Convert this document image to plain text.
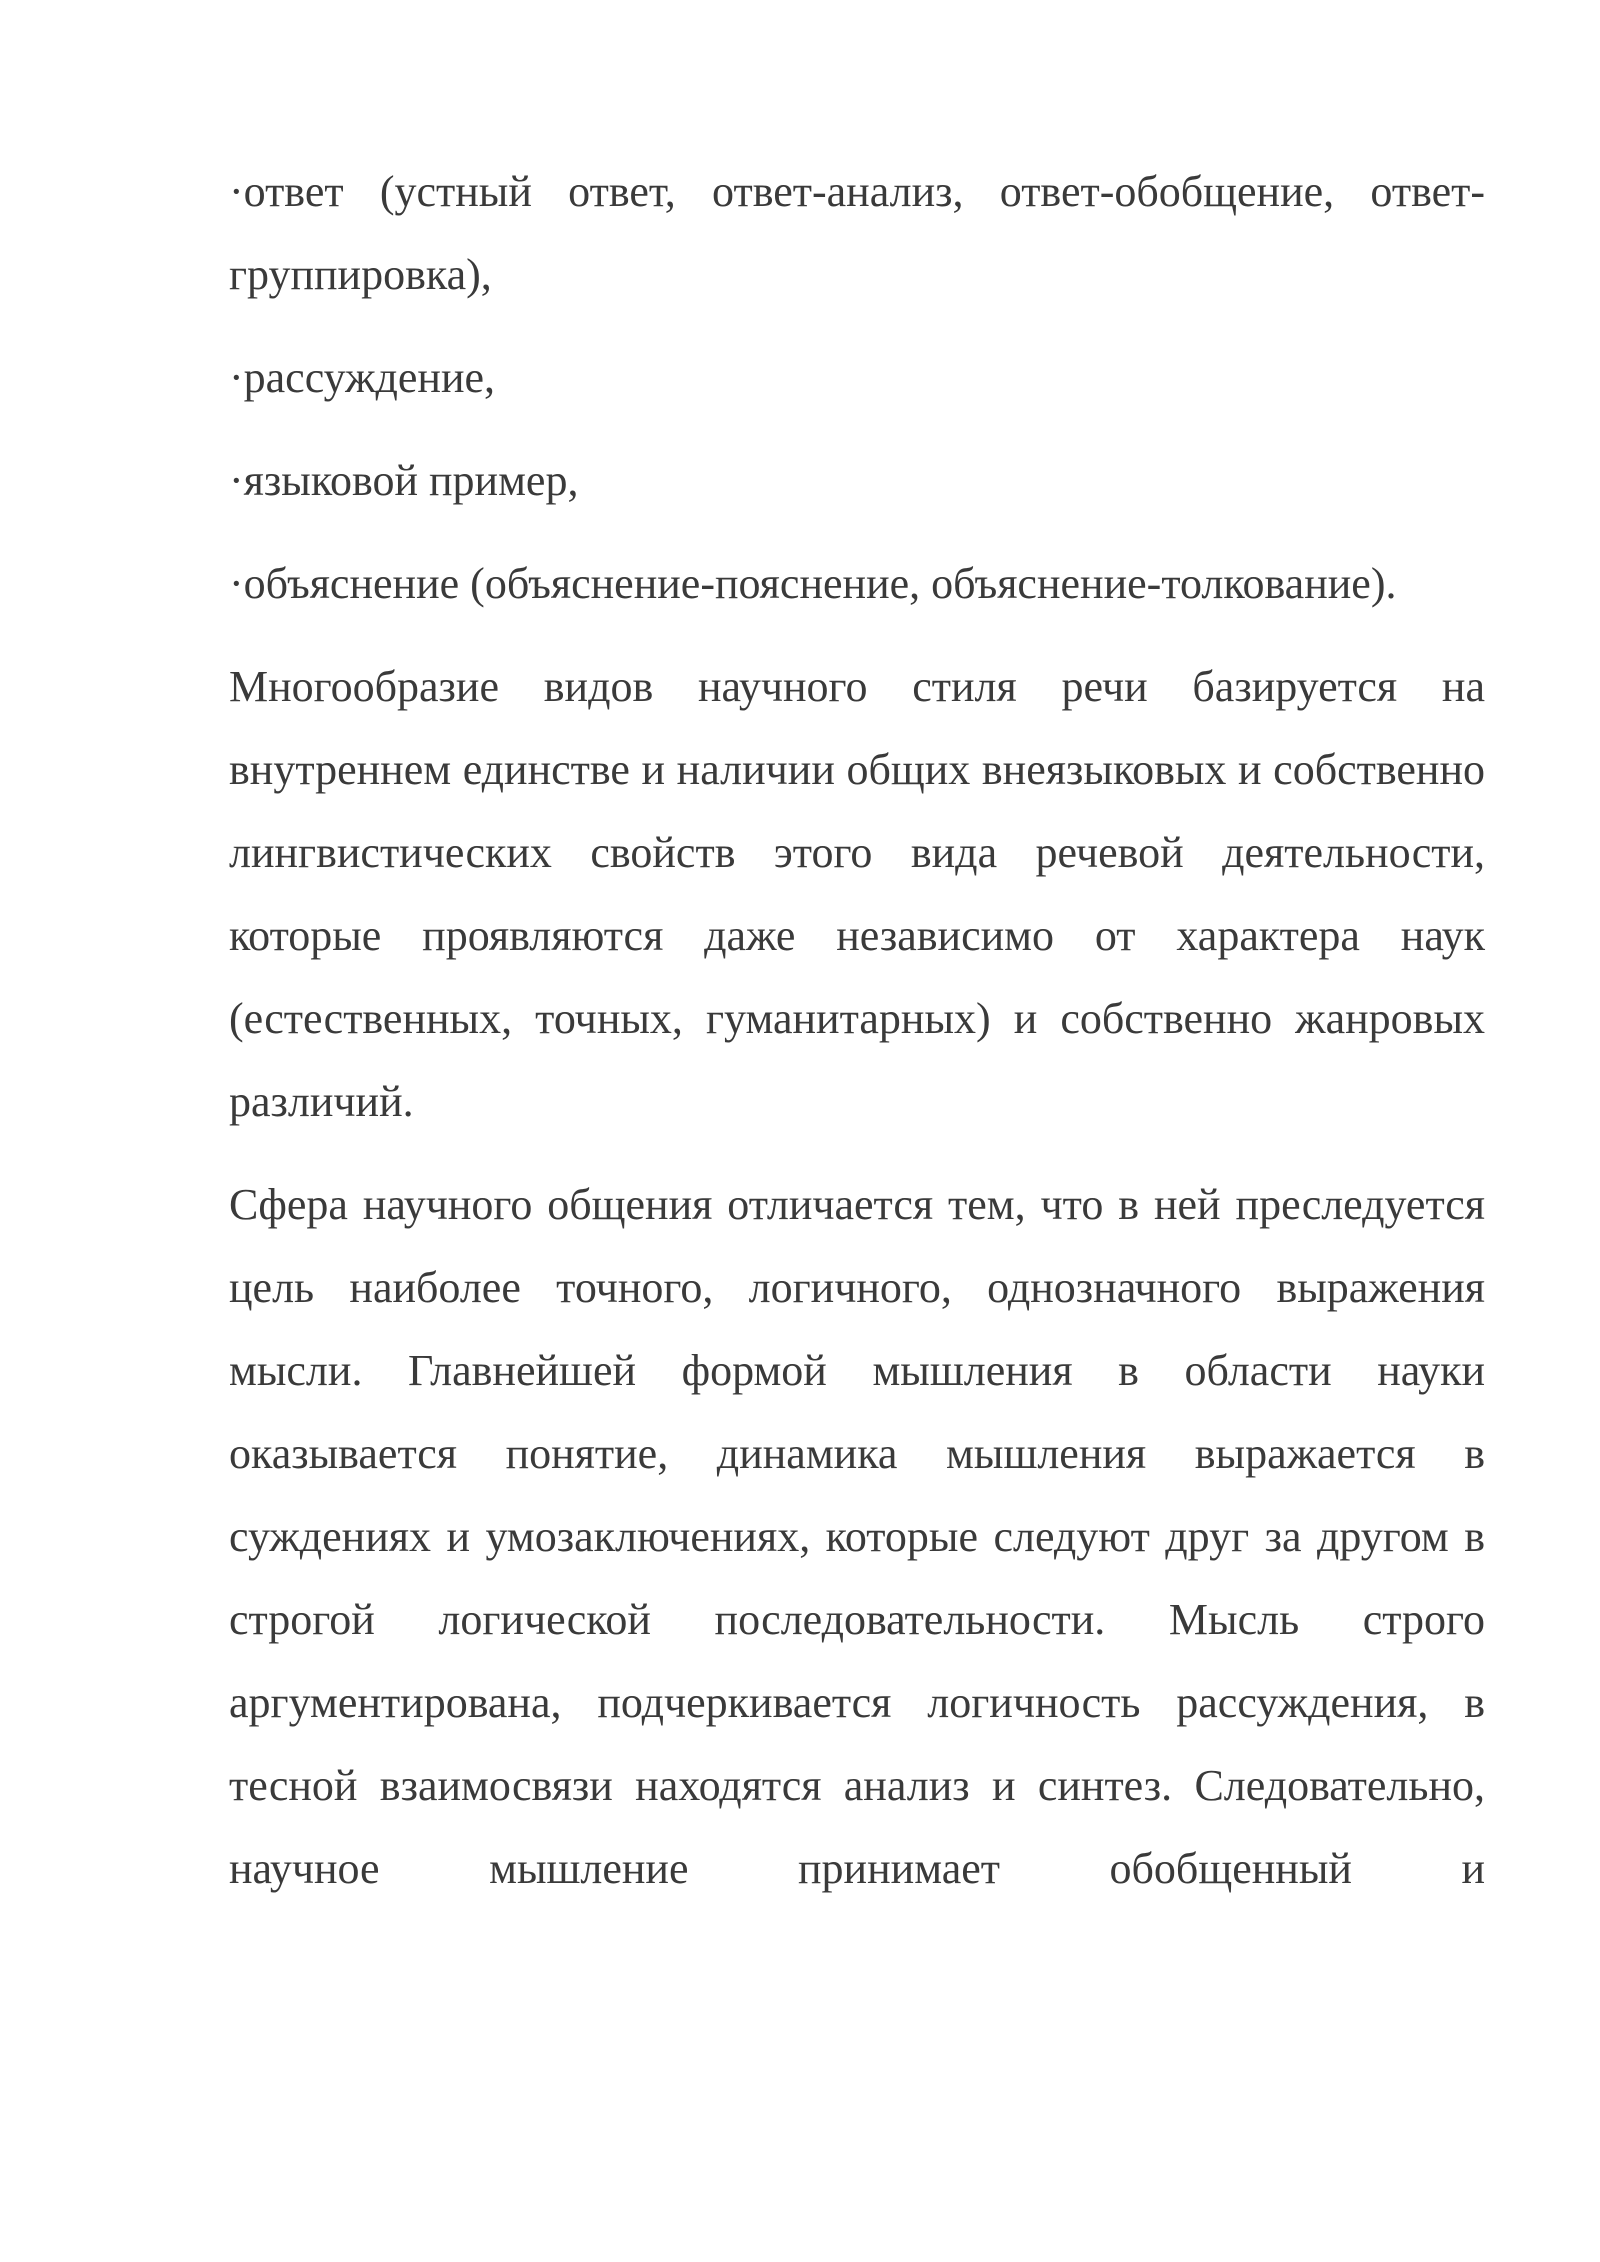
·ответ (устный ответ, ответ-анализ, ответ-обобщение, ответ-группировка),

·рассуждение,

·языковой пример,

·объяснение (объяснение-пояснение, объяснение-толкование).

Многообразие видов научного стиля речи базируется на внутреннем единстве и наличии общих внеязыковых и собственно лингвистических свойств этого вида речевой деятельности, которые проявляются даже независимо от характера наук (естественных, точных, гуманитарных) и собственно жанровых различий.

Сфера научного общения отличается тем, что в ней преследуется цель наиболее точного, логичного, однозначного выражения мысли. Главнейшей формой мышления в области науки оказывается понятие, динамика мышления выражается в суждениях и умозаключениях, которые следуют друг за другом в строгой логической последовательности. Мысль строго аргументирована, подчеркивается логичность рассуждения, в тесной взаимосвязи находятся анализ и синтез. Следовательно, научное мышление принимает обобщенный и
